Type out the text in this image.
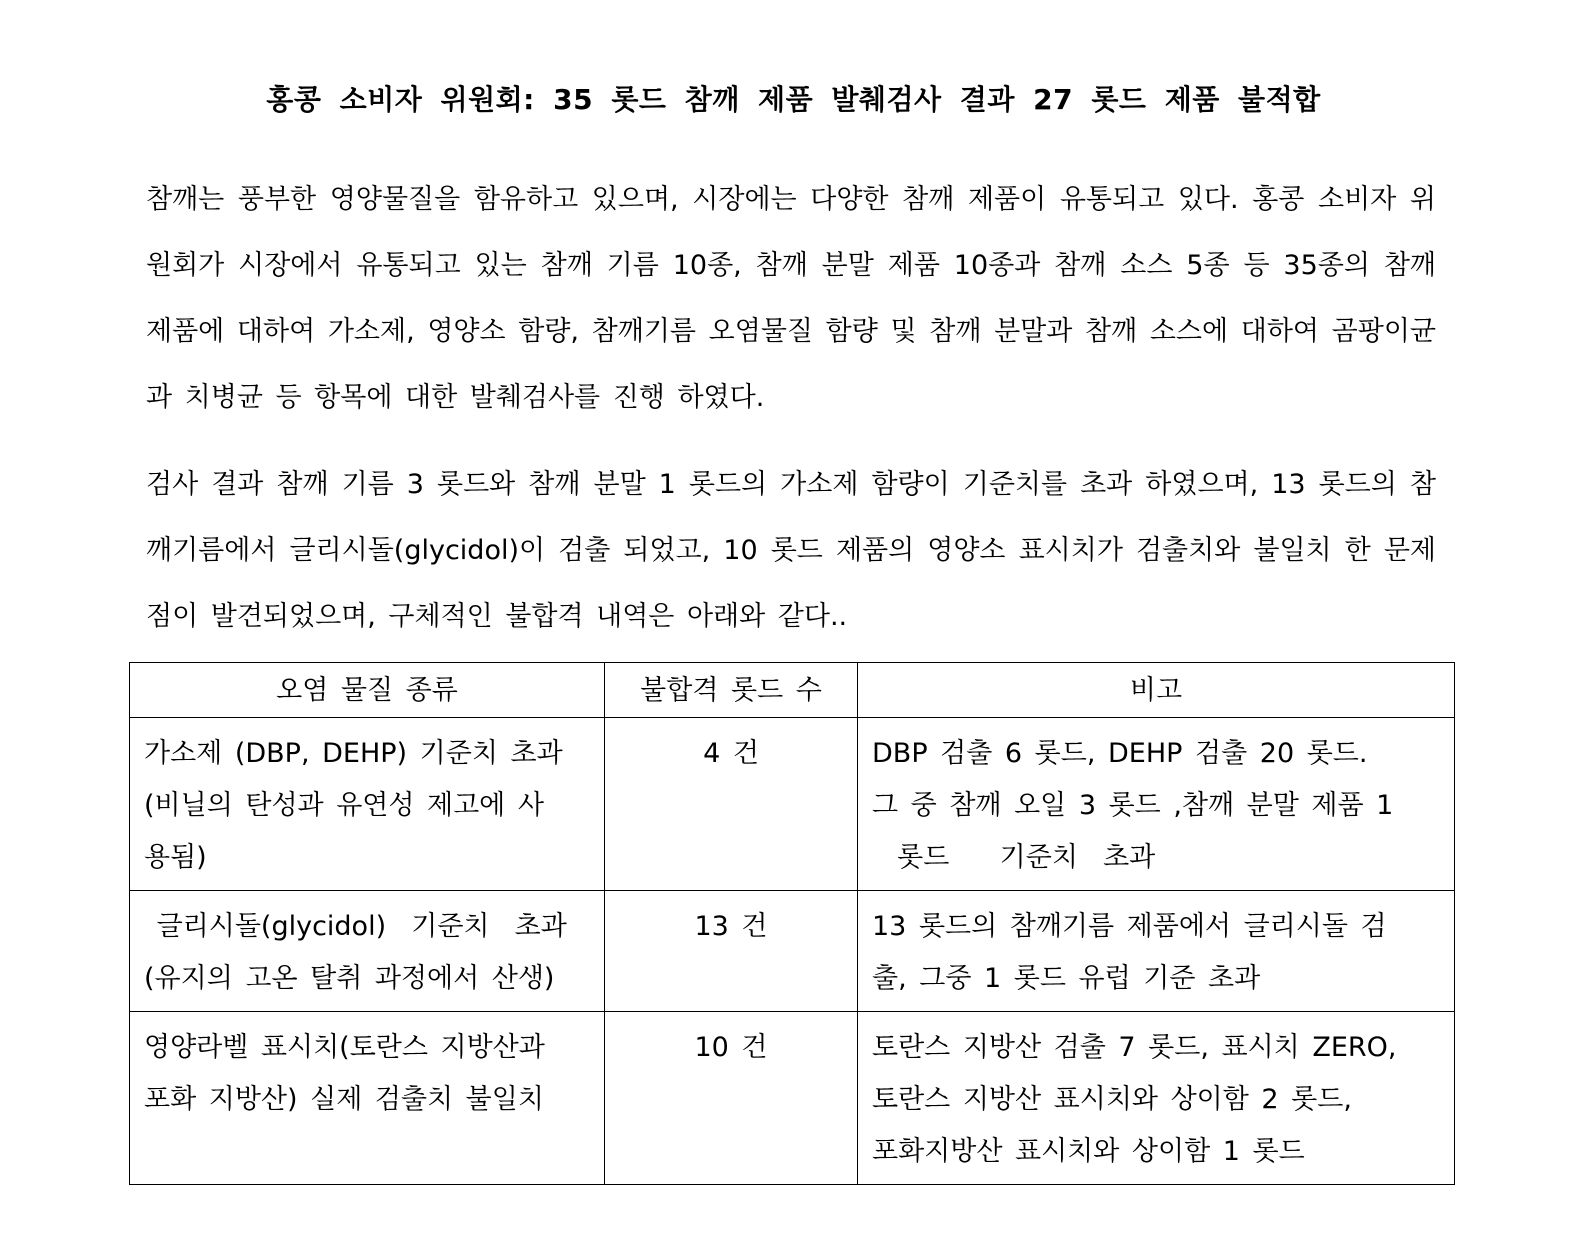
홍콩 소비자 위원회: 35 롯드 참깨 제품 발췌검사 결과 27 롯드 제품 불적합
참깨는 풍부한 영양물질을 함유하고 있으며, 시장에는 다양한 참깨 제품이 유통되고 있다. 홍콩 소비자 위원회가 시장에서 유통되고 있는 참깨 기름 10종, 참깨 분말 제품 10종과 참깨 소스 5종 등 35종의 참깨 제품에 대하여 가소제, 영양소 함량, 참깨기름 오염물질 함량 및 참깨 분말과 참깨 소스에 대하여 곰팡이균과 치병균 등 항목에 대한 발췌검사를 진행 하였다.
검사 결과 참깨 기름 3 롯드와 참깨 분말 1 롯드의 가소제 함량이 기준치를 초과 하였으며, 13 롯드의 참깨기름에서 글리시돌(glycidol)이 검출 되었고, 10 롯드 제품의 영양소 표시치가 검출치와 불일치 한 문제점이 발견되었으며, 구체적인 불합격 내역은 아래와 같다..
오염 물질 종류	불합격 롯드 수	비고

가소제 (DBP, DEHP) 기준치 초과
(비닐의 탄성과 유연성 제고에 사
용됨)	4 건	DBP 검출 6 롯드, DEHP 검출 20 롯드.
그 중 참깨 오일 3 롯드 ,참깨 분말 제품 1
롯드    기준치  초과

글리시돌(glycidol)  기준치  초과
(유지의 고온 탈취 과정에서 산생)	13 건	13 롯드의 참깨기름 제품에서 글리시돌 검
출, 그중 1 롯드 유럽 기준 초과

영양라벨 표시치(토란스 지방산과
포화 지방산) 실제 검출치 불일치	10 건	토란스 지방산 검출 7 롯드, 표시치 ZERO,
토란스 지방산 표시치와 상이함 2 롯드,
포화지방산 표시치와 상이함 1 롯드
